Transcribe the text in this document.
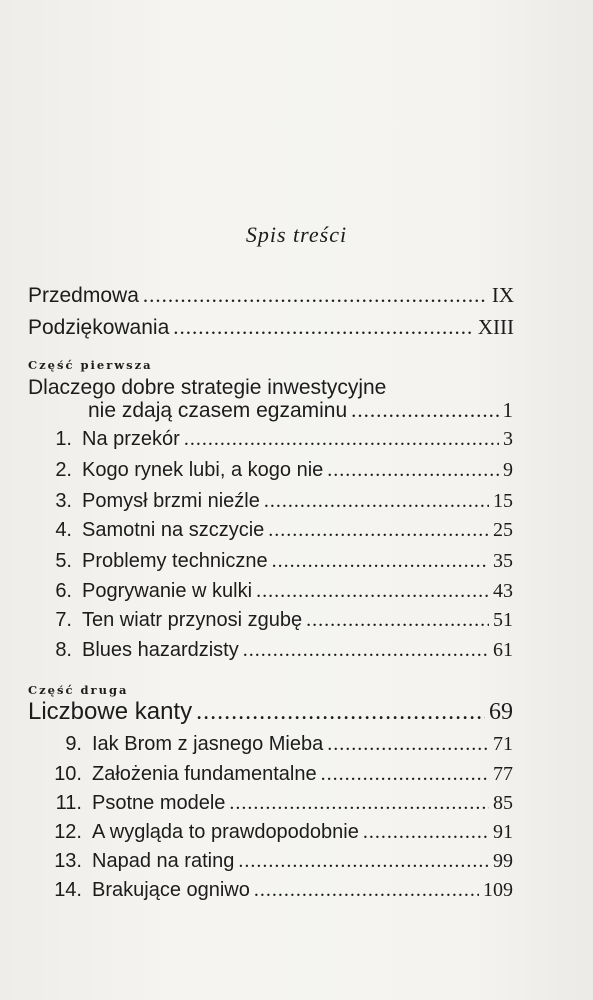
Spis treści
Przedmowa .....	IX
Podziękowania .....	XIII
Część pierwsza
Dlaczego dobre strategie inwestycyjne
nie zdają czasem egzaminu .....	1
1. Na przekór .....	3
2. Kogo rynek lubi, a kogo nie .....	9
3. Pomysł brzmi nieźle .....	15
4. Samotni na szczycie .....	25
5. Problemy techniczne .....	35
6. Pogrywanie w kulki .....	43
7. Ten wiatr przynosi zgubę .....	51
8. Blues hazardzisty .....	61
Część druga
Liczbowe kanty .....	69
9. Iak Brom z jasnego Mieba .....	71
10. Założenia fundamentalne .....	77
11. Psotne modele .....	85
12. A wygląda to prawdopodobnie .....	91
13. Napad na rating .....	99
14. Brakujące ogniwo .....	109
